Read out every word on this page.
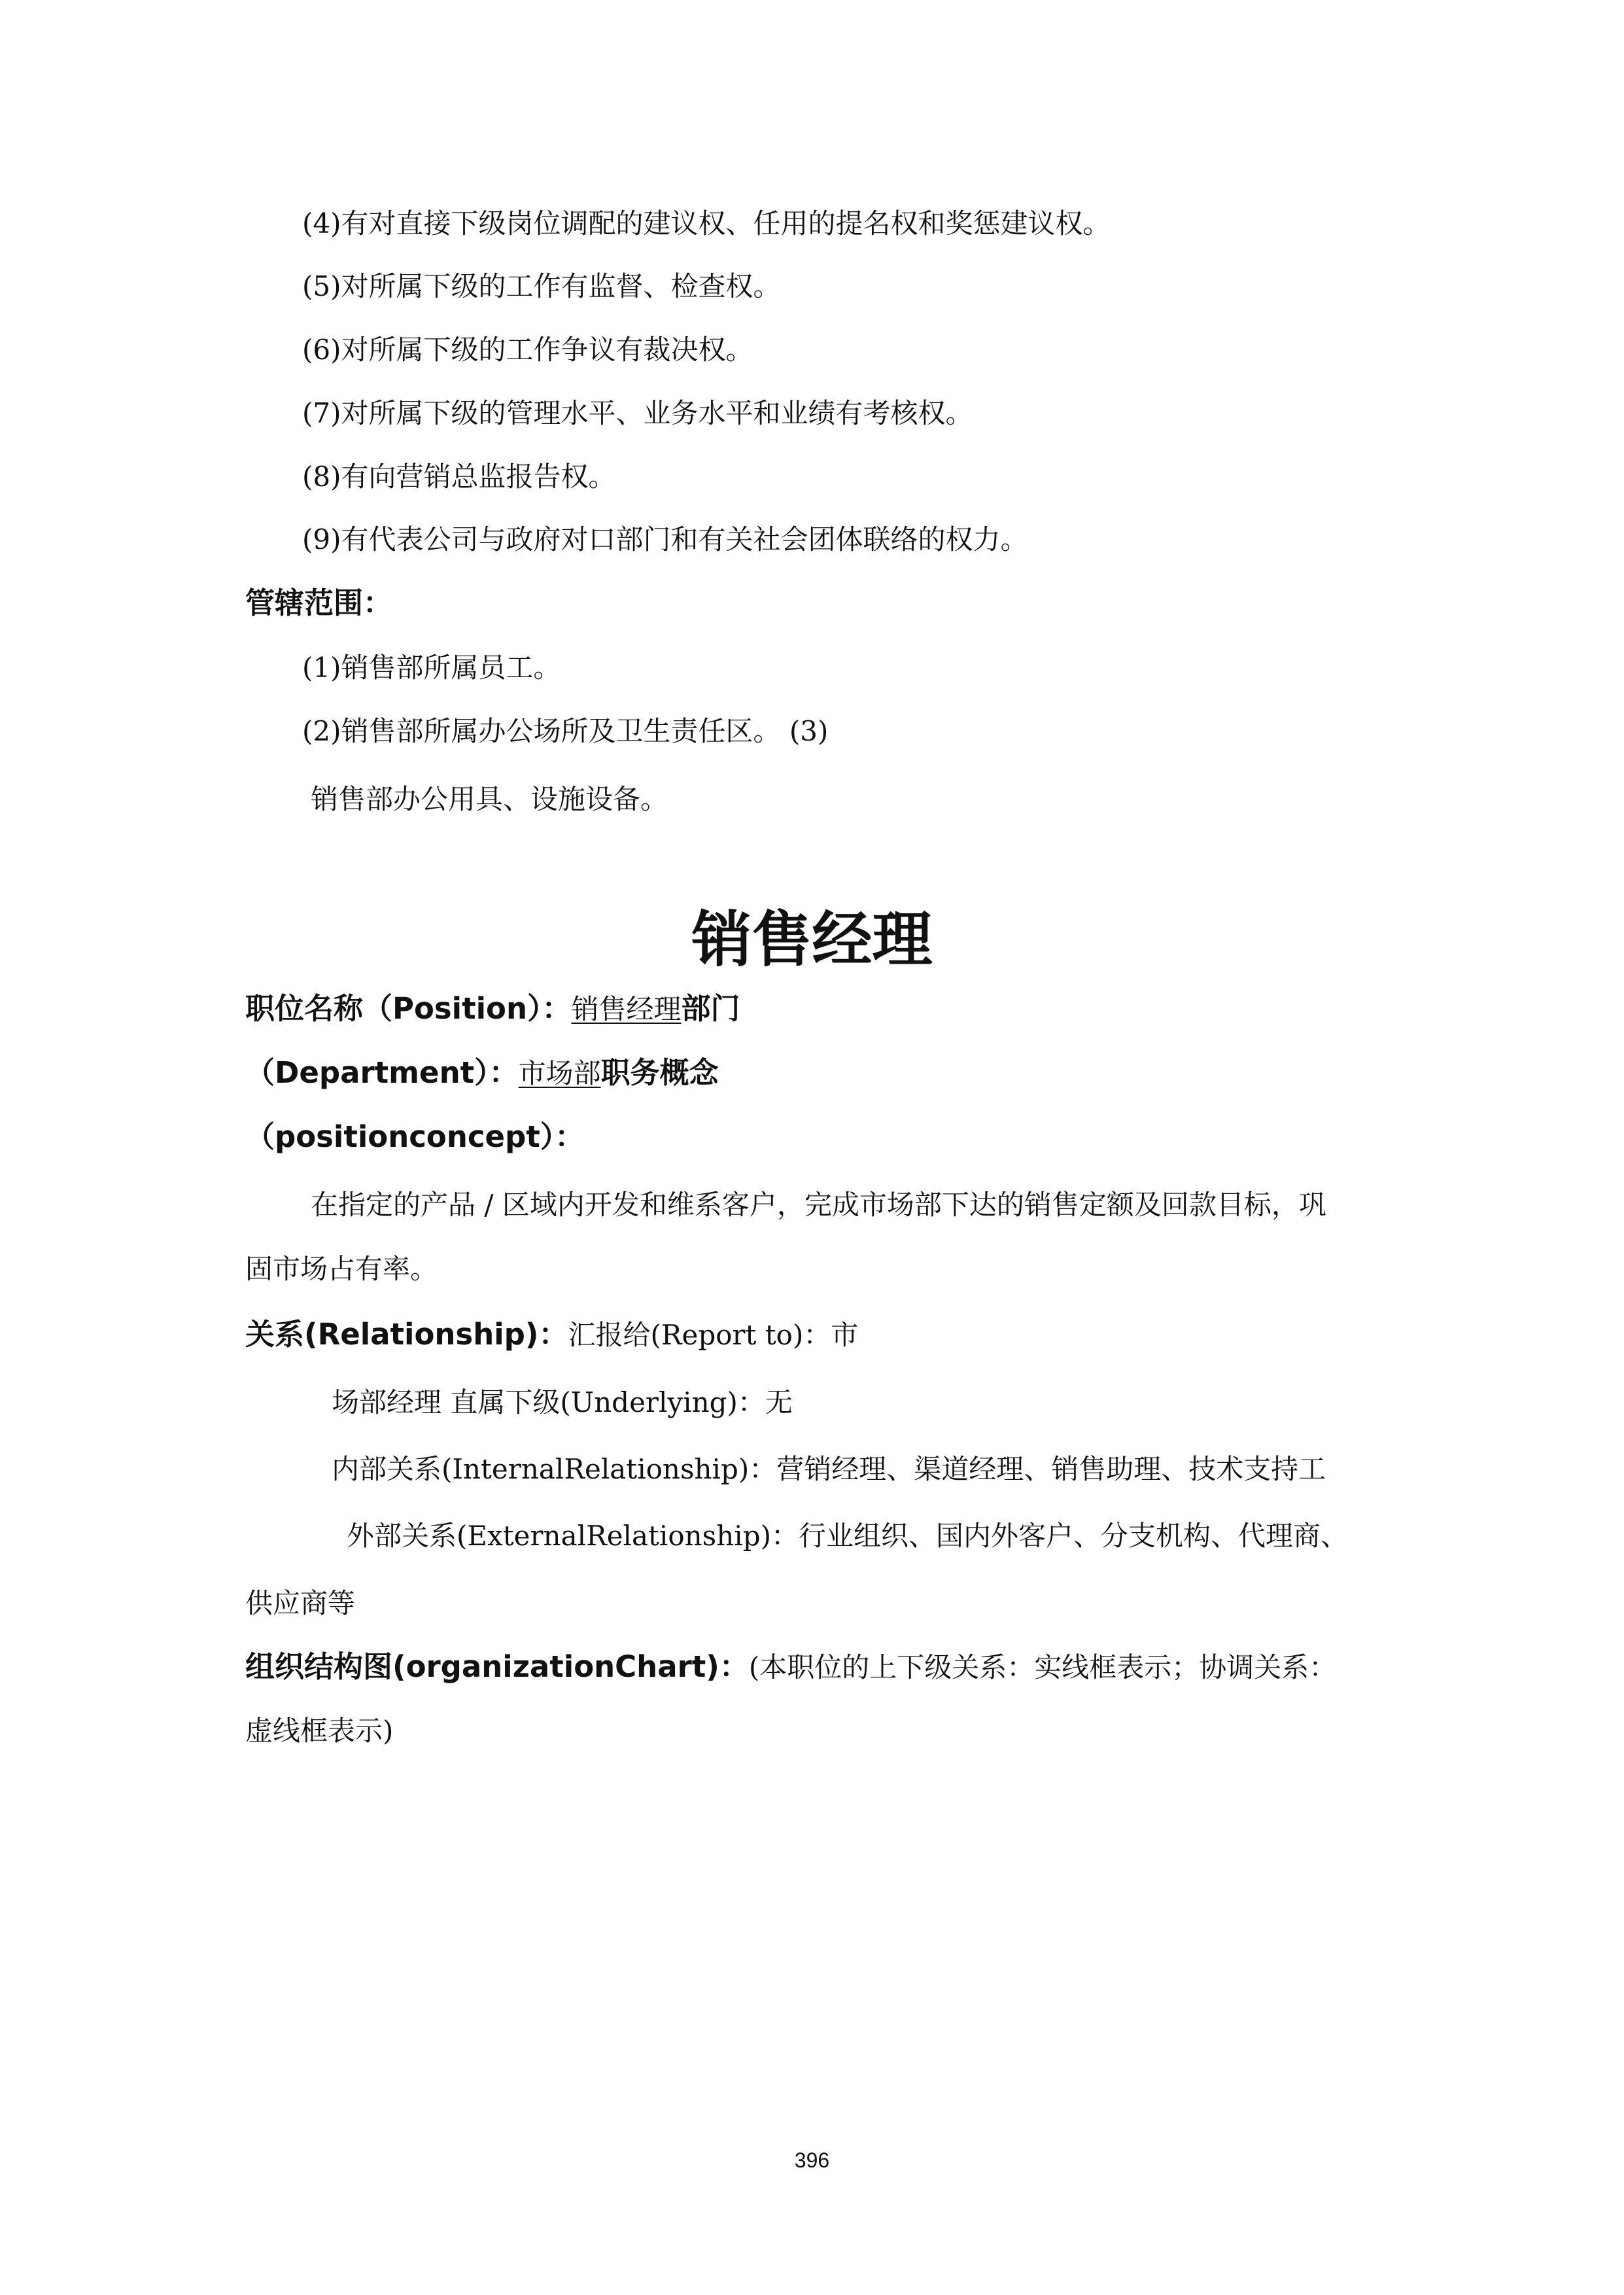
(4)有对直接下级岗位调配的建议权、任用的提名权和奖惩建议权。
(5)对所属下级的工作有监督、检查权。
(6)对所属下级的工作争议有裁决权。
(7)对所属下级的管理水平、业务水平和业绩有考核权。
(8)有向营销总监报告权。
(9)有代表公司与政府对口部门和有关社会团体联络的权力。
管辖范围：
(1)销售部所属员工。
(2)销售部所属办公场所及卫生责任区。 (3)
销售部办公用具、设施设备。
销售经理
职位名称（Position）：销售经理部门
（Department）：市场部职务概念
（positionconcept）：
在指定的产品 / 区域内开发和维系客户，完成市场部下达的销售定额及回款目标，巩
固市场占有率。
关系(Relationship)：汇报给(Report to)：市
场部经理 直属下级(Underlying)：无
内部关系(InternalRelationship)：营销经理、渠道经理、销售助理、技术支持工
外部关系(ExternalRelationship)：行业组织、国内外客户、分支机构、代理商、
供应商等
组织结构图(organizationChart)：(本职位的上下级关系：实线框表示；协调关系：
虚线框表示)
396
